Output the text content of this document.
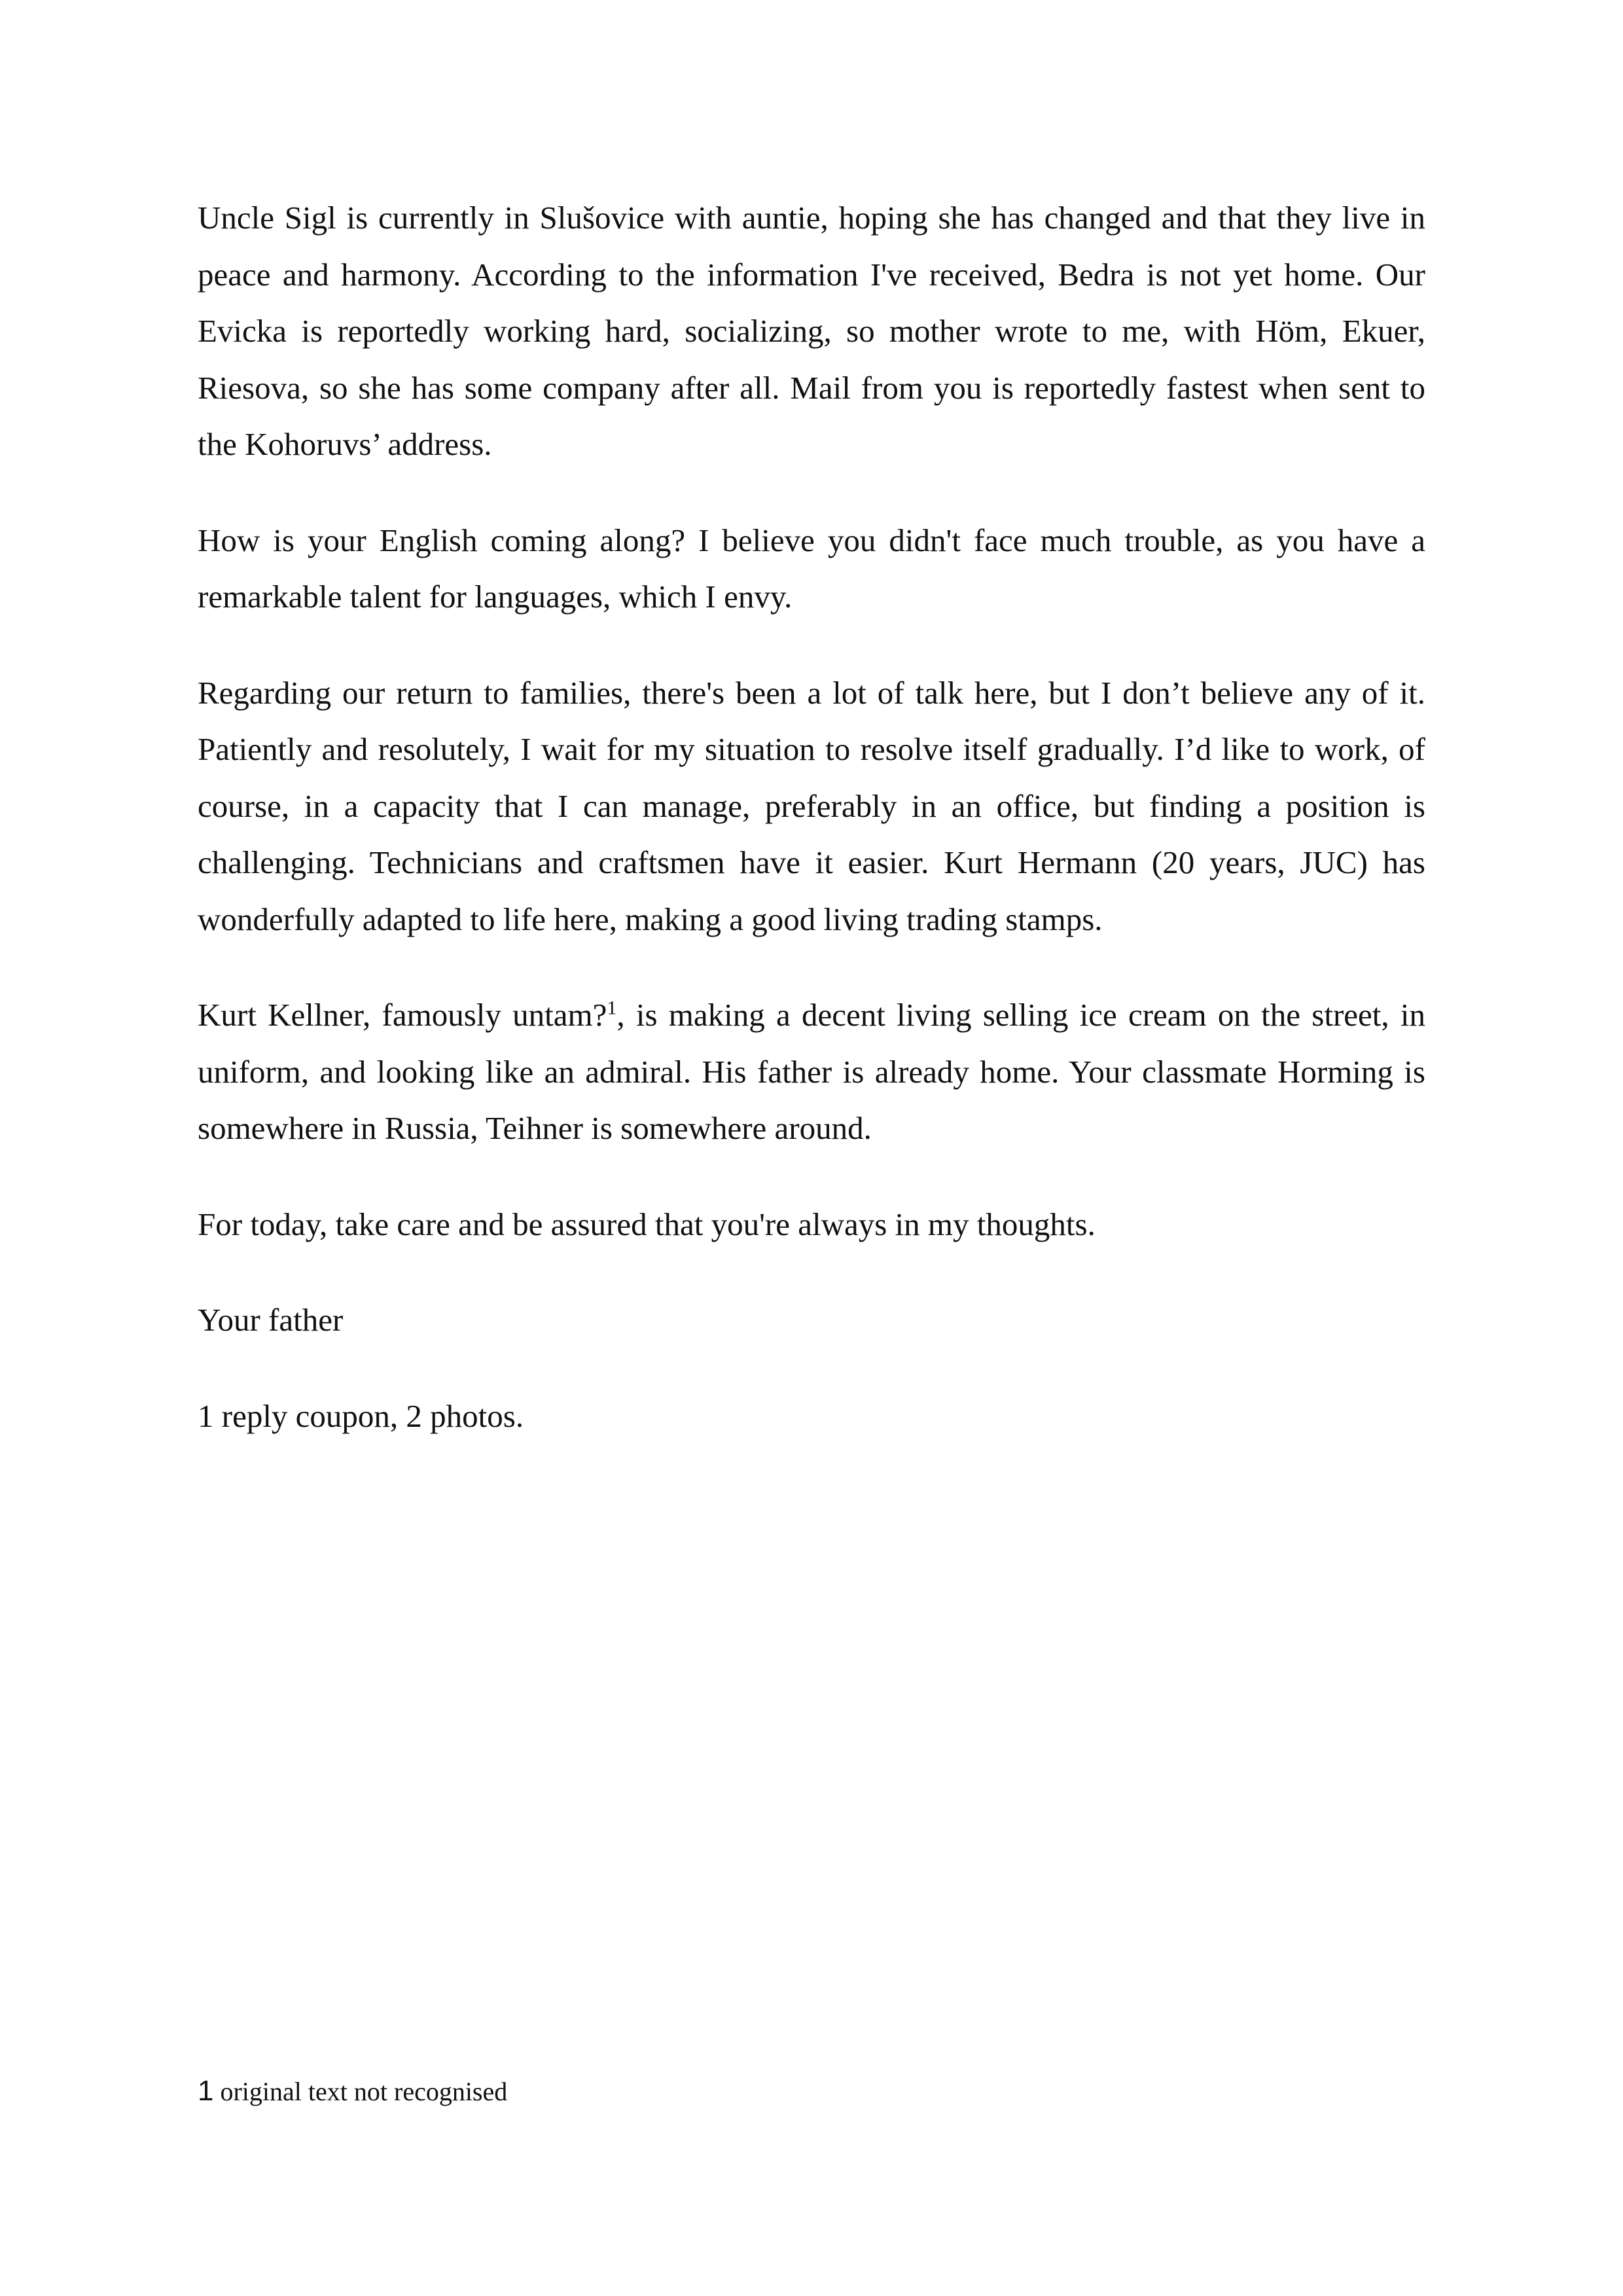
Uncle Sigl is currently in Slušovice with auntie, hoping she has changed and that they live in peace and harmony. According to the information I've received, Bedra is not yet home. Our Evicka is reportedly working hard, socializing, so mother wrote to me, with Höm, Ekuer, Riesova, so she has some company after all. Mail from you is reportedly fastest when sent to the Kohoruvs’ address.

How is your English coming along? I believe you didn't face much trouble, as you have a remarkable talent for languages, which I envy.

Regarding our return to families, there's been a lot of talk here, but I don’t believe any of it. Patiently and resolutely, I wait for my situation to resolve itself gradually. I’d like to work, of course, in a capacity that I can manage, preferably in an office, but finding a position is challenging. Technicians and craftsmen have it easier. Kurt Hermann (20 years, JUC) has wonderfully adapted to life here, making a good living trading stamps.

Kurt Kellner, famously untam?$^1$, is making a decent living selling ice cream on the street, in uniform, and looking like an admiral. His father is already home. Your classmate Horming is somewhere in Russia, Teihner is somewhere around.

For today, take care and be assured that you're always in my thoughts.

Your father

1 reply coupon, 2 photos.

1 original text not recognised
